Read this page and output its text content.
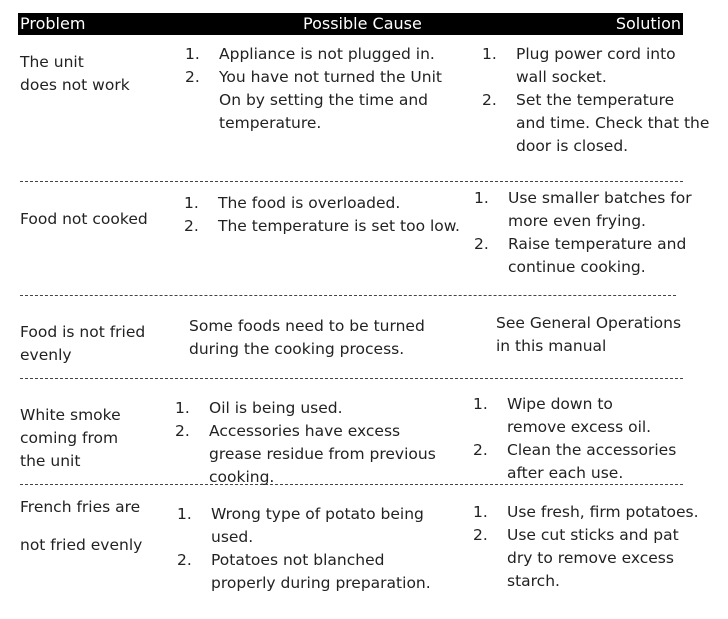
Problem	Possible Cause	Solution
The unit
does not work
1. Appliance is not plugged in.
2. You have not turned the Unit
On by setting the time and
temperature.
1. Plug power cord into
wall socket.
2. Set the temperature
and time. Check that the
door is closed.
Food not cooked
1. The food is overloaded.
2. The temperature is set too low.
1. Use smaller batches for
more even frying.
2. Raise temperature and
continue cooking.
Food is not fried
evenly
Some foods need to be turned
during the cooking process.
See General Operations
in this manual
White smoke
coming from
the unit
1. Oil is being used.
2. Accessories have excess
grease residue from previous
cooking.
1. Wipe down to
remove excess oil.
2. Clean the accessories
after each use.
French fries are
not fried evenly
1. Wrong type of potato being
used.
2. Potatoes not blanched
properly during preparation.
1. Use fresh, firm potatoes.
2. Use cut sticks and pat
dry to remove excess
starch.
